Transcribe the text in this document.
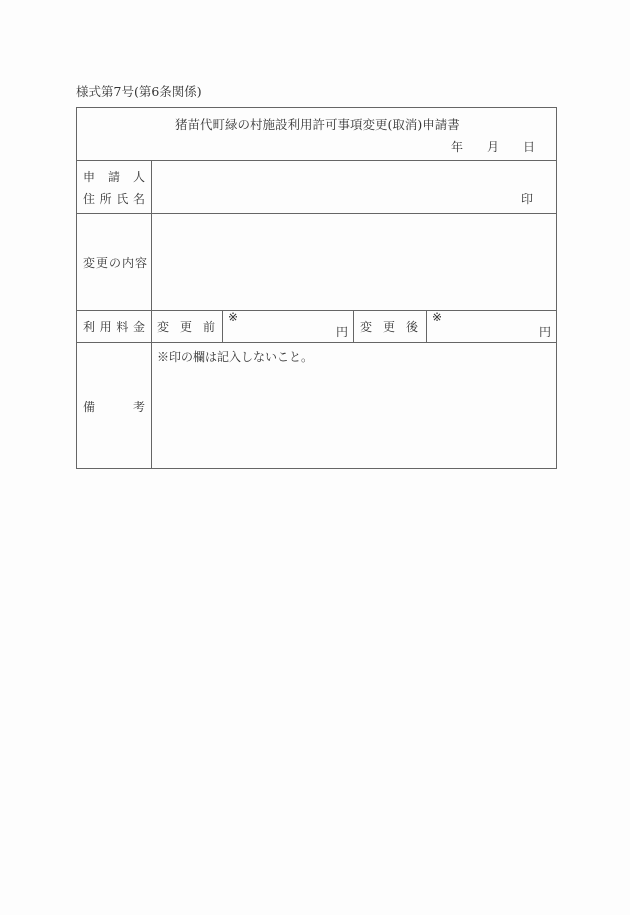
様式第7号(第6条関係)
猪苗代町緑の村施設利用許可事項変更(取消)申請書
年 月 日
申 請 人
住 所 氏 名	印
変更の内容
利 用 料 金 変 更 前
※
円 変 更 後
※
円
備	考
※印の欄は記入しないこと。
